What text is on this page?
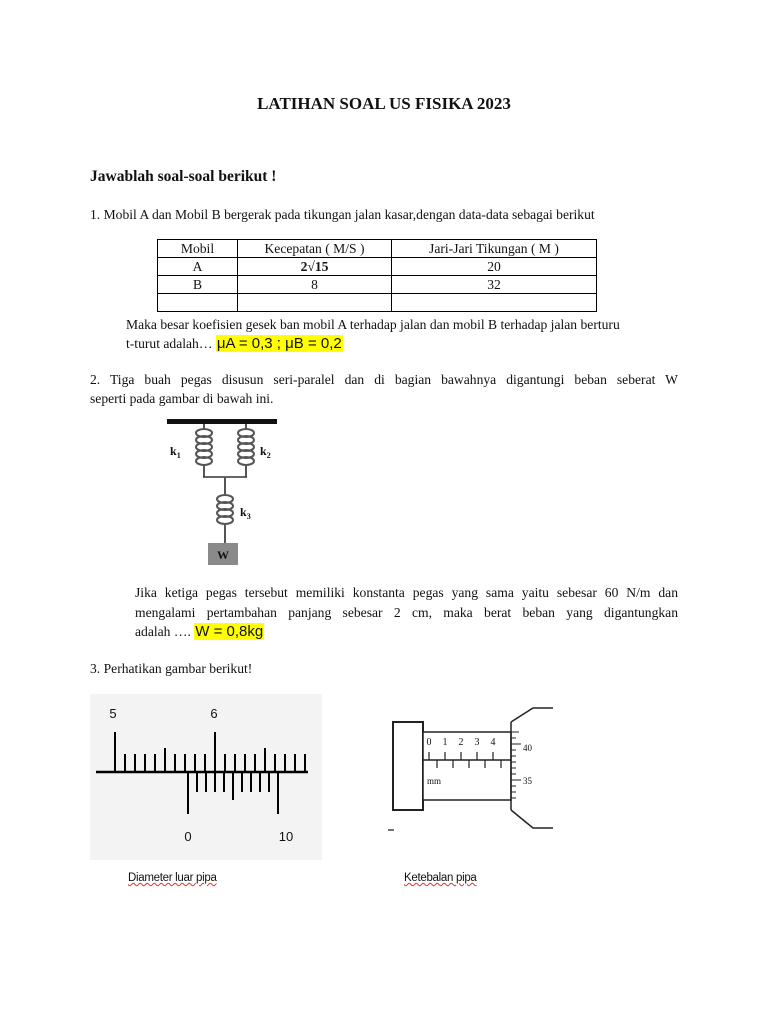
LATIHAN SOAL US FISIKA 2023
Jawablah soal-soal berikut !
1. Mobil A dan Mobil B bergerak pada tikungan jalan kasar,dengan data-data sebagai berikut
Mobil	Kecepatan ( M/S )	Jari-Jari Tikungan ( M )
A	2√15	20
B	8	32

Maka besar koefisien gesek ban mobil A terhadap jalan dan mobil B terhadap jalan berturu
t-turut adalah… μA = 0,3 ; μB = 0,2
2. Tiga buah pegas disusun seri-paralel dan di bagian bawahnya digantungi beban seberat W
seperti pada gambar di bawah ini.
W
$k_1$	$k_2$
$k_3$
Jika ketiga pegas tersebut memiliki konstanta pegas yang sama yaitu sebesar 60 N/m dan
mengalami pertambahan panjang sebesar 2 cm, maka berat beban yang digantungkan
adalah …. W = 0,8kg
3. Perhatikan gambar berikut!
5	6
0	10
Diameter luar pipa
0 1 2 3 4
mm
40
35
Ketebalan pipa
